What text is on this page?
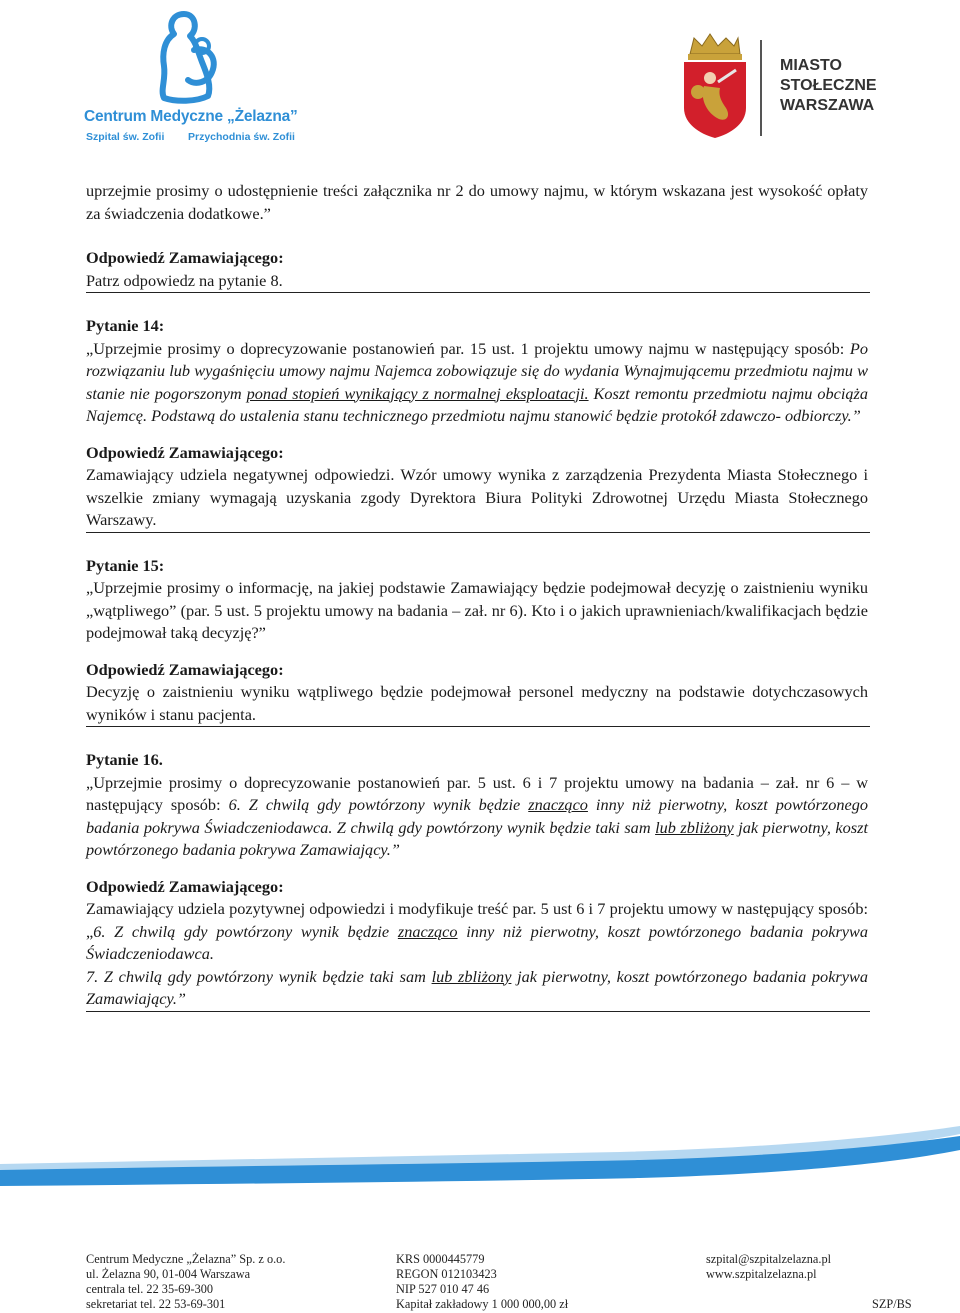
Centrum Medyczne „Żelazna”
Szpital św. Zofii Przychodnia św. Zofii
MIASTO
STOŁECZNE
WARSZAWA

uprzejmie prosimy o udostępnienie treści załącznika nr 2 do umowy najmu, w którym wskazana jest wysokość opłaty za świadczenia dodatkowe.”

Odpowiedź Zamawiającego:

Patrz odpowiedz na pytanie 8.

Pytanie 14:

„Uprzejmie prosimy o doprecyzowanie postanowień par. 15 ust. 1 projektu umowy najmu w następujący sposób: Po rozwiązaniu lub wygaśnięciu umowy najmu Najemca zobowiązuje się do wydania Wynajmującemu przedmiotu najmu w stanie nie pogorszonym ponad stopień wynikający z normalnej eksploatacji. Koszt remontu przedmiotu najmu obciąża Najemcę. Podstawą do ustalenia stanu technicznego przedmiotu najmu stanowić będzie protokół zdawczo- odbiorczy.”

Odpowiedź Zamawiającego:

Zamawiający udziela negatywnej odpowiedzi. Wzór umowy wynika z zarządzenia Prezydenta Miasta Stołecznego i wszelkie zmiany wymagają uzyskania zgody Dyrektora Biura Polityki Zdrowotnej Urzędu Miasta Stołecznego Warszawy.

Pytanie 15:

„Uprzejmie prosimy o informację, na jakiej podstawie Zamawiający będzie podejmował decyzję o zaistnieniu wyniku „wątpliwego” (par. 5 ust. 5 projektu umowy na badania – zał. nr 6). Kto i o jakich uprawnieniach/kwalifikacjach będzie podejmował taką decyzję?”

Odpowiedź Zamawiającego:

Decyzję o zaistnieniu wyniku wątpliwego będzie podejmował personel medyczny na podstawie dotychczasowych wyników i stanu pacjenta.

Pytanie 16.

„Uprzejmie prosimy o doprecyzowanie postanowień par. 5 ust. 6 i 7 projektu umowy na badania – zał. nr 6 – w następujący sposób: 6. Z chwilą gdy powtórzony wynik będzie znacząco inny niż pierwotny, koszt powtórzonego badania pokrywa Świadczeniodawca. Z chwilą gdy powtórzony wynik będzie taki sam lub zbliżony jak pierwotny, koszt powtórzonego badania pokrywa Zamawiający.”

Odpowiedź Zamawiającego:

Zamawiający udziela pozytywnej odpowiedzi i modyfikuje treść par. 5 ust 6 i 7 projektu umowy w następujący sposób: „6. Z chwilą gdy powtórzony wynik będzie znacząco inny niż pierwotny, koszt powtórzonego badania pokrywa Świadczeniodawca.

7. Z chwilą gdy powtórzony wynik będzie taki sam lub zbliżony jak pierwotny, koszt powtórzonego badania pokrywa Zamawiający.”

Centrum Medyczne „Żelazna” Sp. z o.o.
ul. Żelazna 90, 01-004 Warszawa
centrala tel. 22 35-69-300
sekretariat tel. 22 53-69-301
KRS 0000445779
REGON 012103423
NIP 527 010 47 46
Kapitał zakładowy 1 000 000,00 zł
szpital@szpitalzelazna.pl
www.szpitalzelazna.pl
SZP/BS
